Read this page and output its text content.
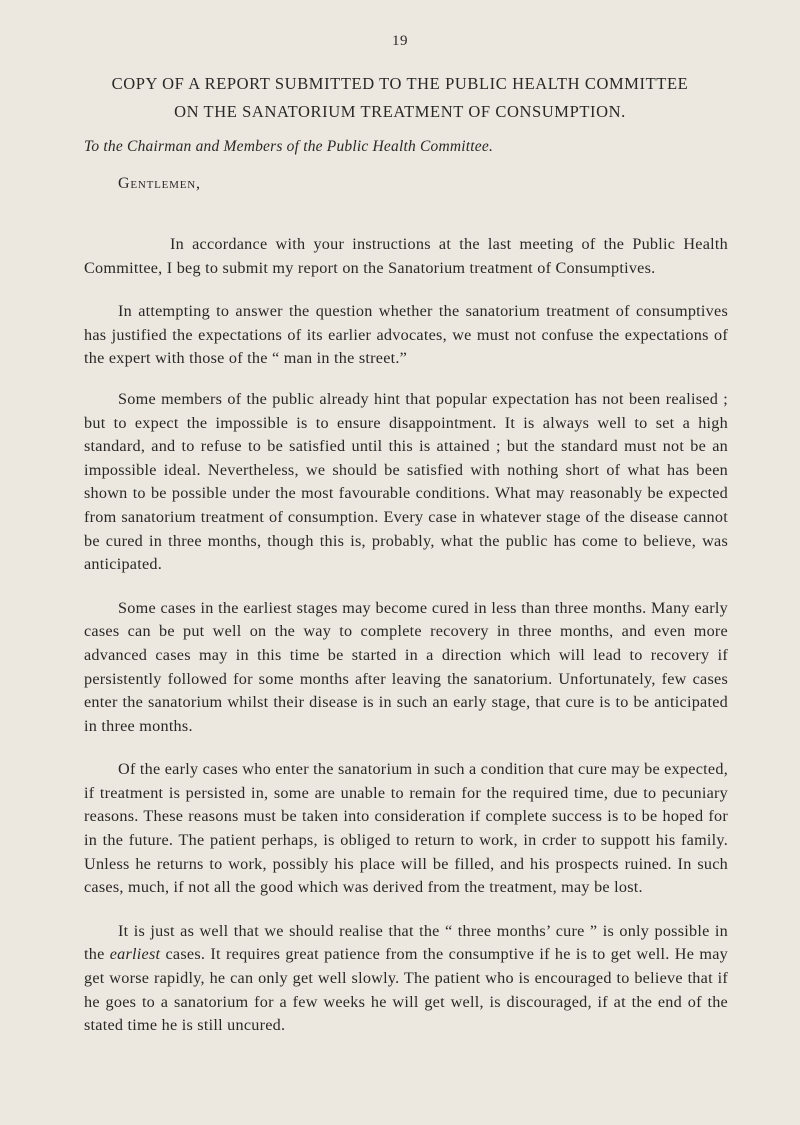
19
COPY OF A REPORT SUBMITTED TO THE PUBLIC HEALTH COMMITTEE
ON THE SANATORIUM TREATMENT OF CONSUMPTION.
To the Chairman and Members of the Public Health Committee.
Gentlemen,

In accordance with your instructions at the last meeting of the Public Health Committee, I beg to submit my report on the Sanatorium treatment of Consumptives.

In attempting to answer the question whether the sanatorium treatment of consumptives has justified the expectations of its earlier advocates, we must not confuse the expectations of the expert with those of the “ man in the street.”

Some members of the public already hint that popular expectation has not been realised ; but to expect the impossible is to ensure disappointment. It is always well to set a high standard, and to refuse to be satisfied until this is attained ; but the standard must not be an impossible ideal. Nevertheless, we should be satisfied with nothing short of what has been shown to be possible under the most favourable conditions. What may reasonably be expected from sanatorium treatment of consumption. Every case in whatever stage of the disease cannot be cured in three months, though this is, probably, what the public has come to believe, was anticipated.

Some cases in the earliest stages may become cured in less than three months. Many early cases can be put well on the way to complete recovery in three months, and even more advanced cases may in this time be started in a direction which will lead to recovery if persistently followed for some months after leaving the sanatorium. Unfortunately, few cases enter the sanatorium whilst their disease is in such an early stage, that cure is to be anticipated in three months.

Of the early cases who enter the sanatorium in such a condition that cure may be expected, if treatment is persisted in, some are unable to remain for the required time, due to pecuniary reasons. These reasons must be taken into consideration if complete success is to be hoped for in the future. The patient perhaps, is obliged to return to work, in crder to suppott his family. Unless he returns to work, possibly his place will be filled, and his prospects ruined. In such cases, much, if not all the good which was derived from the treatment, may be lost.

It is just as well that we should realise that the “ three months’ cure ” is only possible in the earliest cases. It requires great patience from the consumptive if he is to get well. He may get worse rapidly, he can only get well slowly. The patient who is encouraged to believe that if he goes to a sanatorium for a few weeks he will get well, is discouraged, if at the end of the stated time he is still uncured.
